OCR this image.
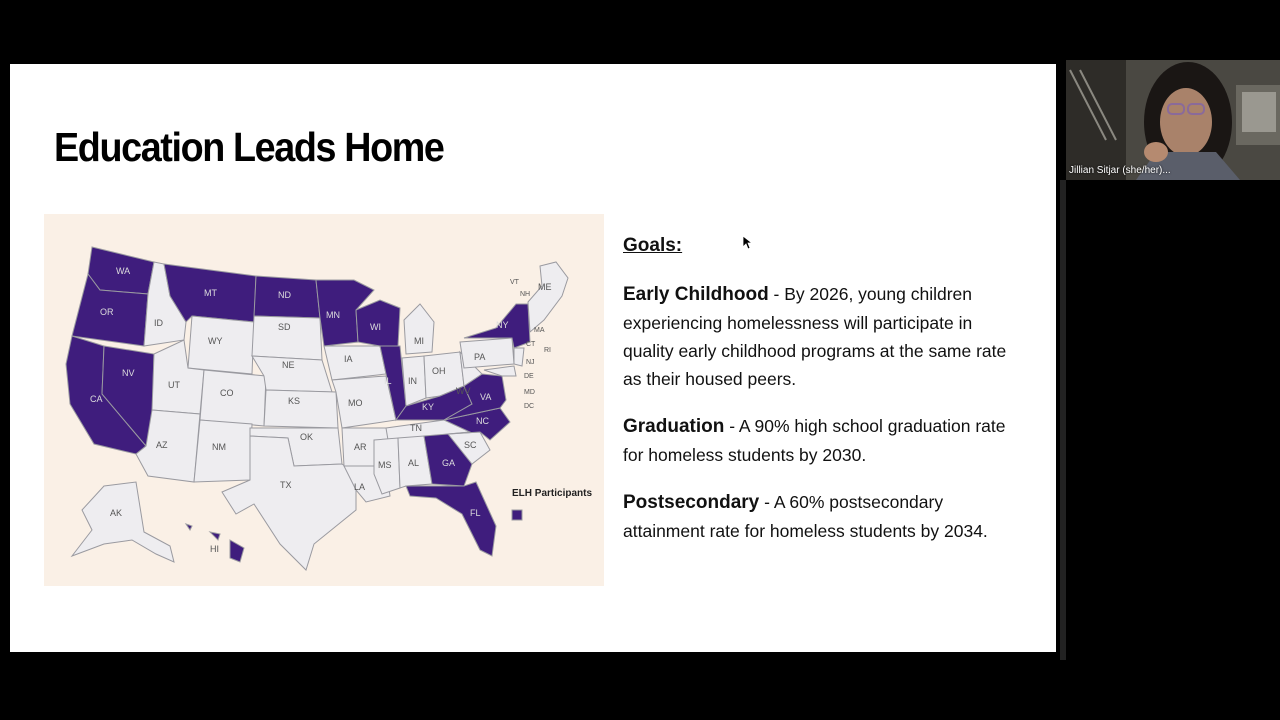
Education Leads Home
WA
OR
CA
NV
ID
MT
WY
UT
CO
AZ	NM
ND
SD
NE
KS
OK
TX
MN
IA
MO
AR
LA
WI
IL
MI
IN
OH
KY
TN
MS AL	GA
FL
SC
NC
VA
WV
PA
NY
ME
VT
NH
MA
RI
CT
NJ
DE
MD
DC
AK
HI
ELH Participants
Goals:

Early Childhood - By 2026, young children experiencing homelessness will participate in quality early childhood programs at the same rate as their housed peers.

Graduation - A 90% high school graduation rate for homeless students by 2030.

Postsecondary - A 60% postsecondary attainment rate for homeless students by 2034.

Jillian Sitjar (she/her)...
